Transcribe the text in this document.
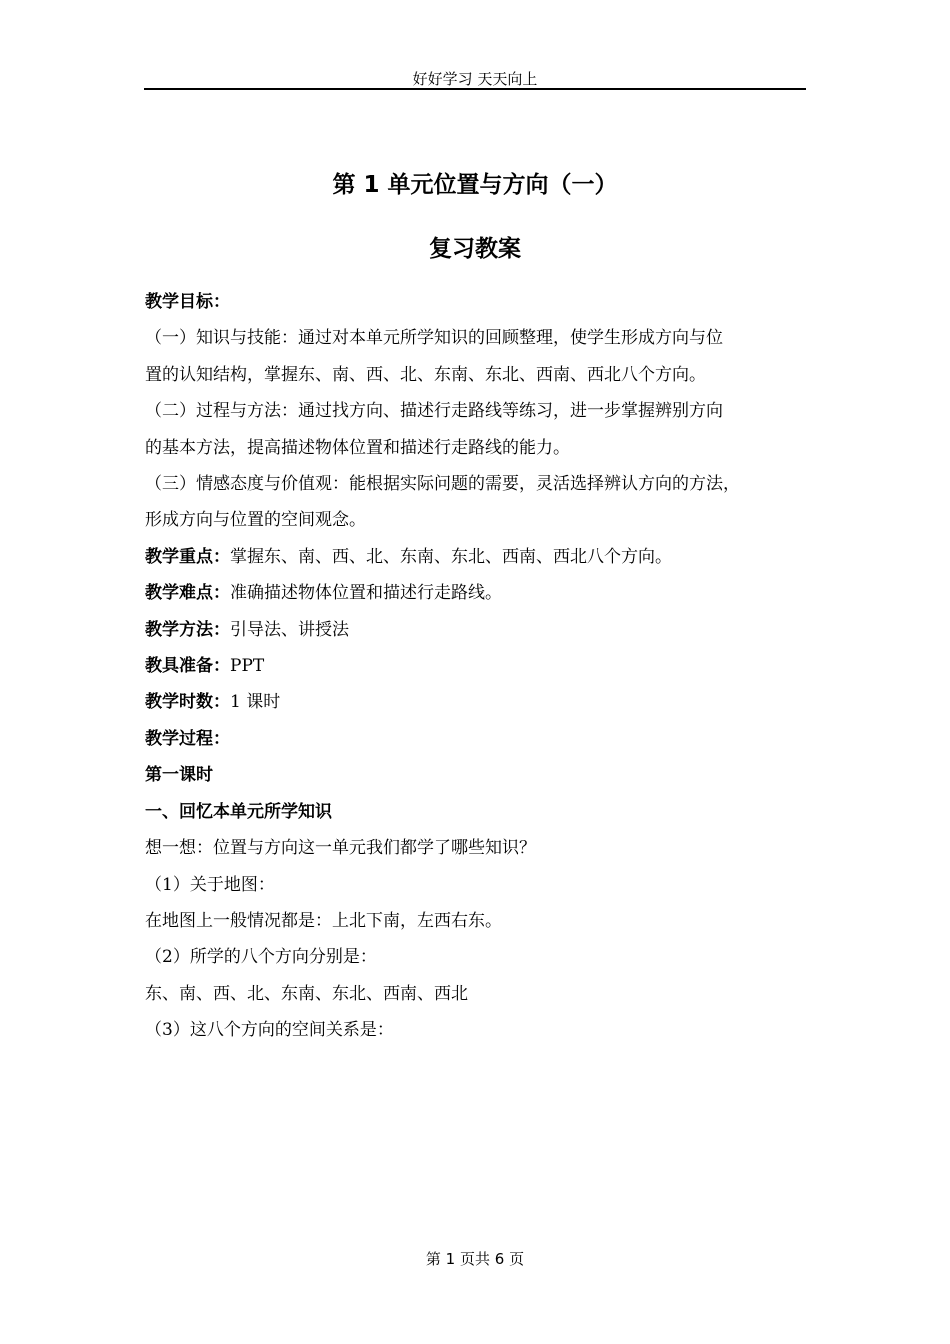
好好学习 天天向上
第 1 单元位置与方向（一）
复习教案
教学目标：
（一）知识与技能：通过对本单元所学知识的回顾整理，使学生形成方向与位
置的认知结构，掌握东、南、西、北、东南、东北、西南、西北八个方向。
（二）过程与方法：通过找方向、描述行走路线等练习，进一步掌握辨别方向
的基本方法，提高描述物体位置和描述行走路线的能力。
（三）情感态度与价值观：能根据实际问题的需要，灵活选择辨认方向的方法，
形成方向与位置的空间观念。
教学重点：掌握东、南、西、北、东南、东北、西南、西北八个方向。
教学难点：准确描述物体位置和描述行走路线。
教学方法：引导法、讲授法
教具准备：PPT
教学时数：1 课时
教学过程：
第一课时
一、回忆本单元所学知识
想一想：位置与方向这一单元我们都学了哪些知识？
（1）关于地图：
在地图上一般情况都是：上北下南，左西右东。
（2）所学的八个方向分别是：
东、南、西、北、东南、东北、西南、西北
（3）这八个方向的空间关系是：
第 1 页共 6 页
